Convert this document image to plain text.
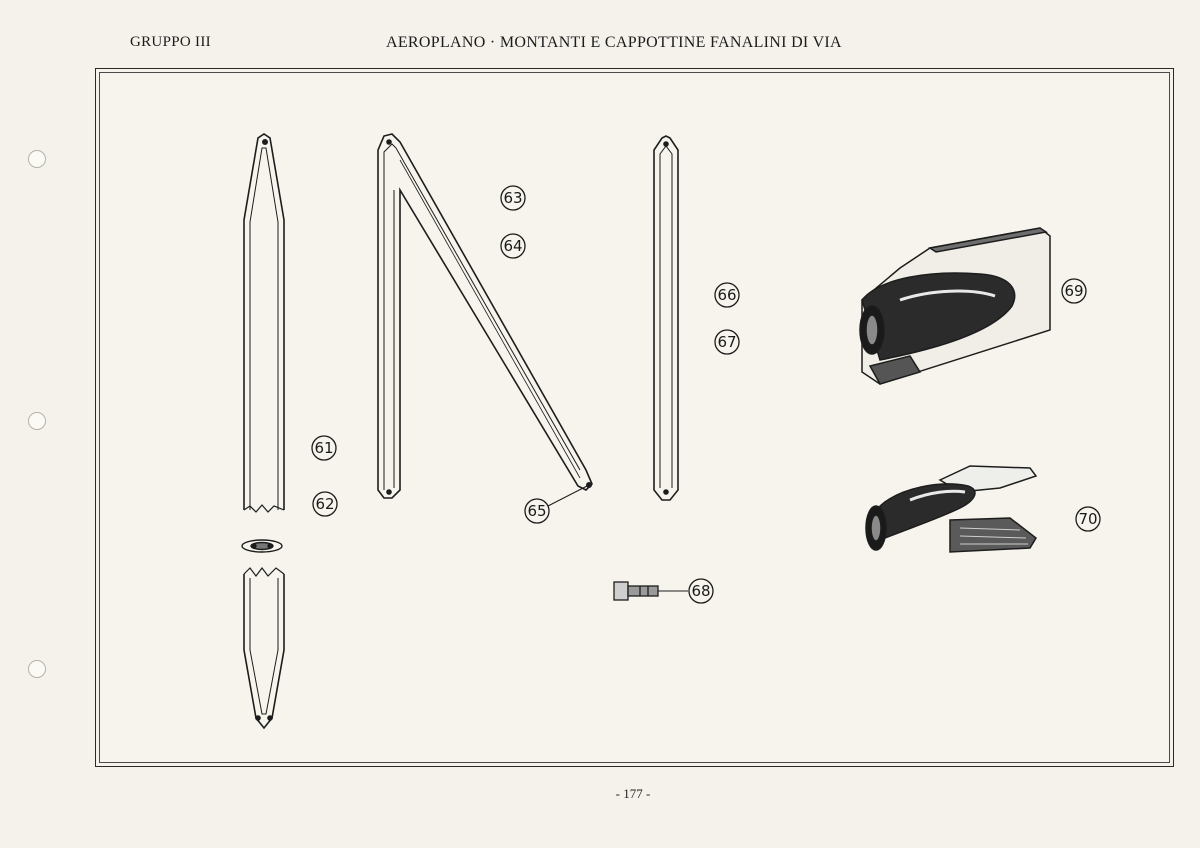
GRUPPO III	AEROPLANO · MONTANTI E CAPPOTTINE FANALINI DI VIA
61
62
63
64
65
66
67
68
69
70
- 177 -
